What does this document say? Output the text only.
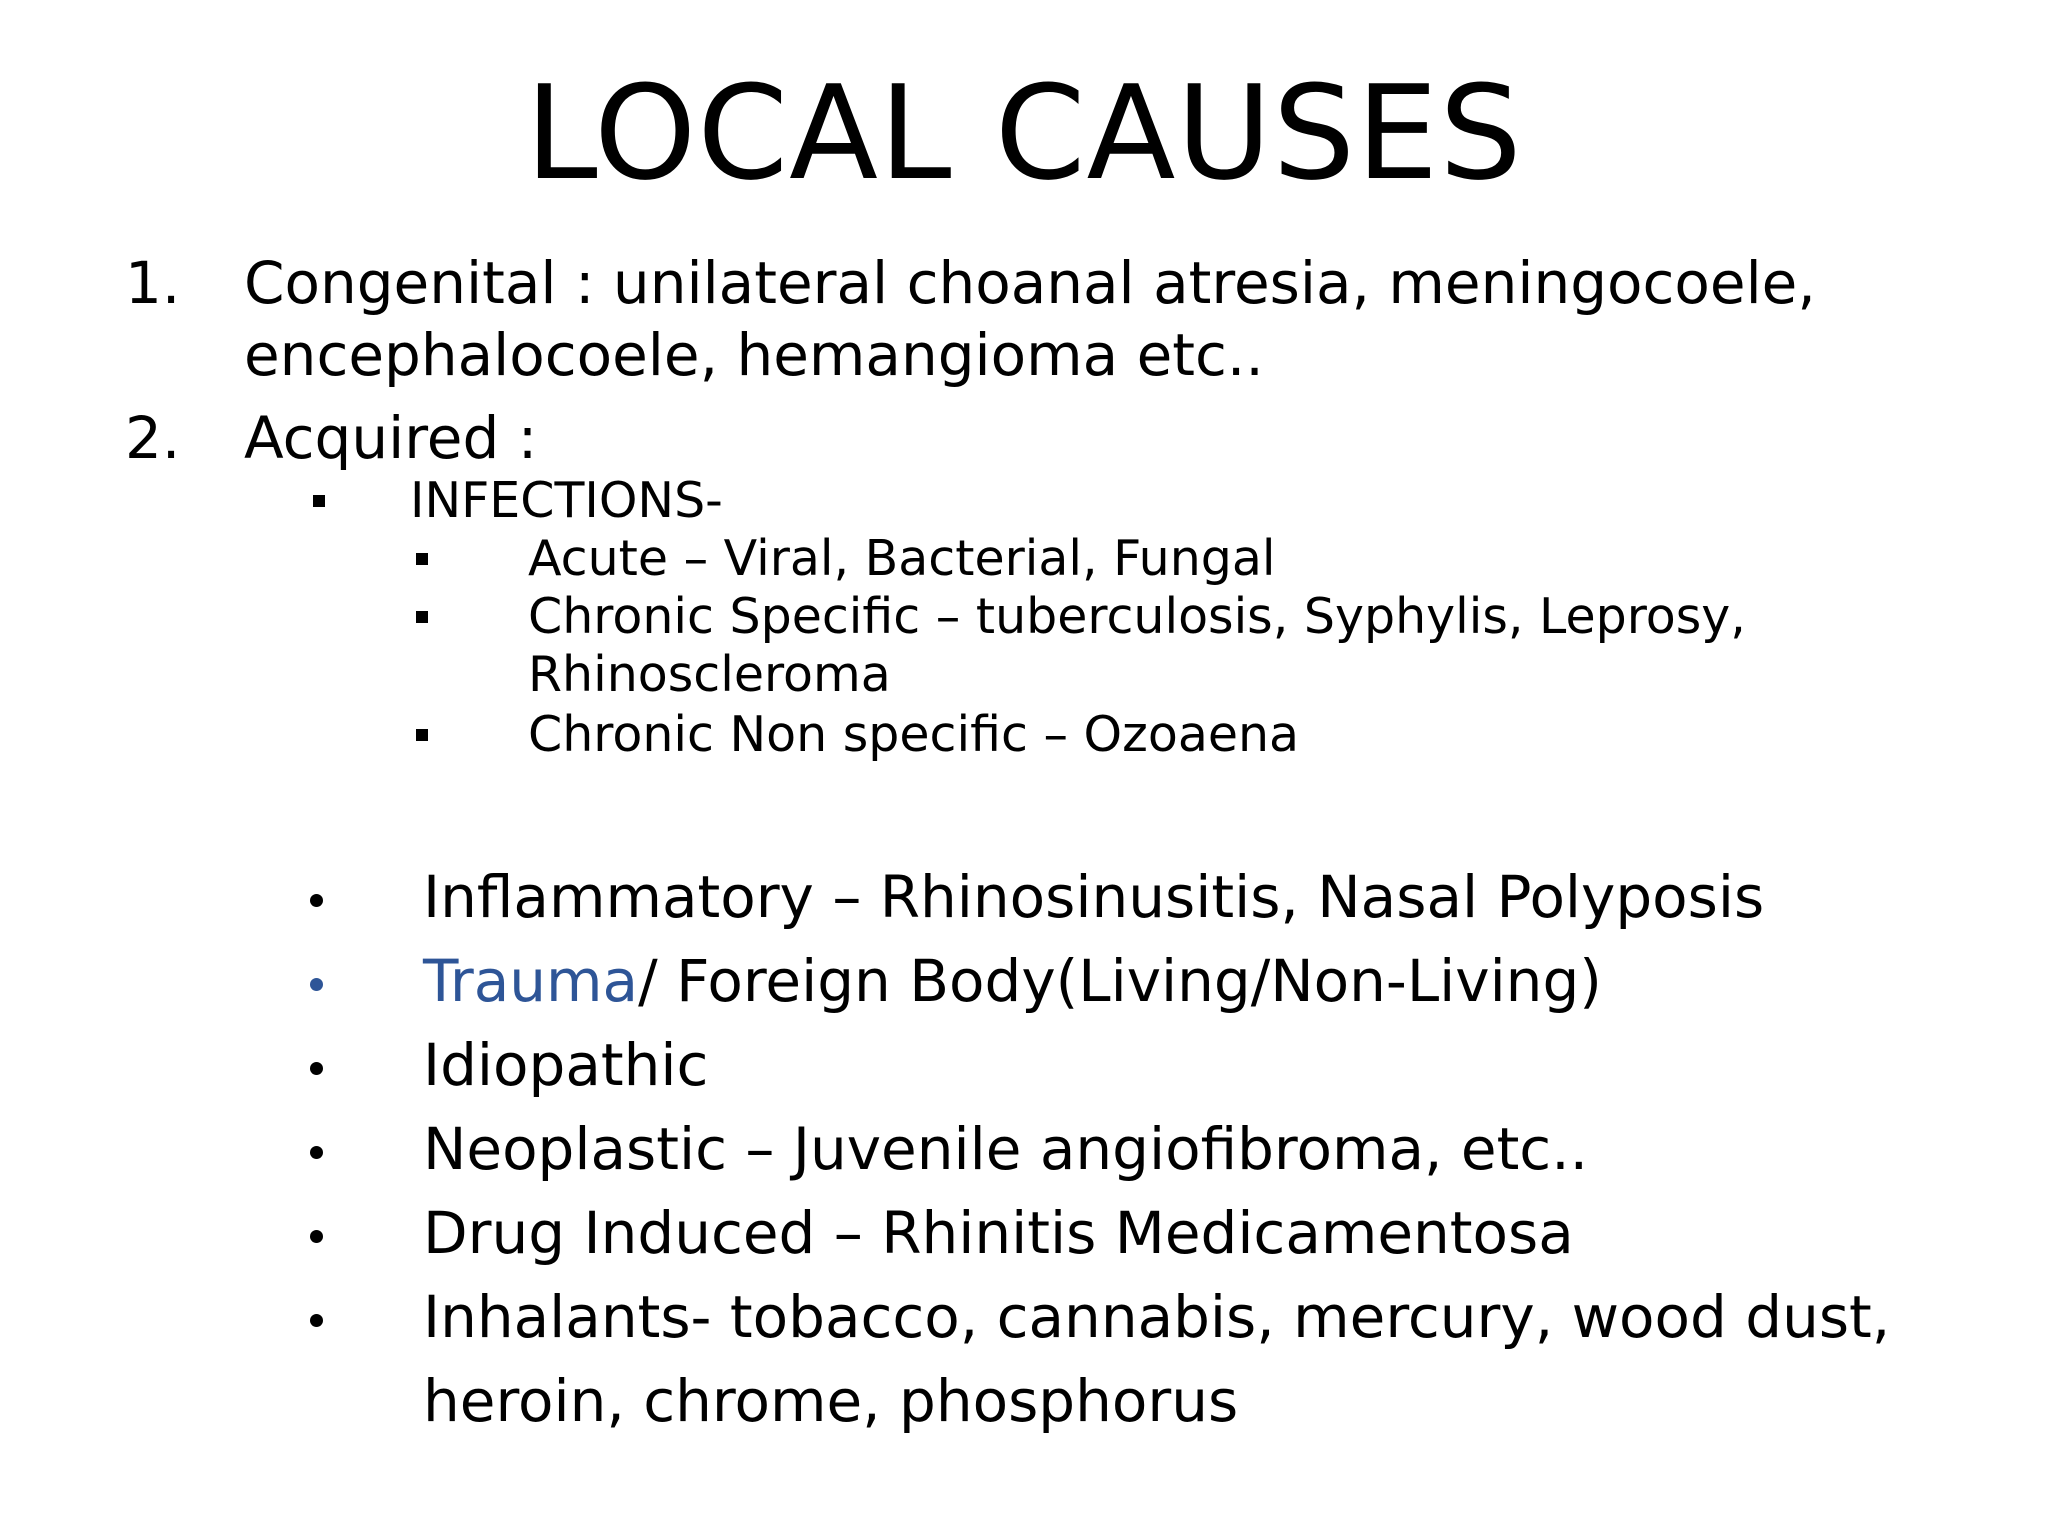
LOCAL CAUSES
1. Congenital : unilateral choanal atresia, meningocoele,
encephalocoele, hemangioma etc..
2. Acquired :
INFECTIONS-
Acute – Viral, Bacterial, Fungal
Chronic Specific – tuberculosis, Syphylis, Leprosy,
Rhinoscleroma
Chronic Non specific – Ozoaena
Inflammatory – Rhinosinusitis, Nasal Polyposis
Trauma/ Foreign Body(Living/Non-Living)
Idiopathic
Neoplastic – Juvenile angiofibroma, etc..
Drug Induced – Rhinitis Medicamentosa
Inhalants- tobacco, cannabis, mercury, wood dust,
heroin, chrome, phosphorus
